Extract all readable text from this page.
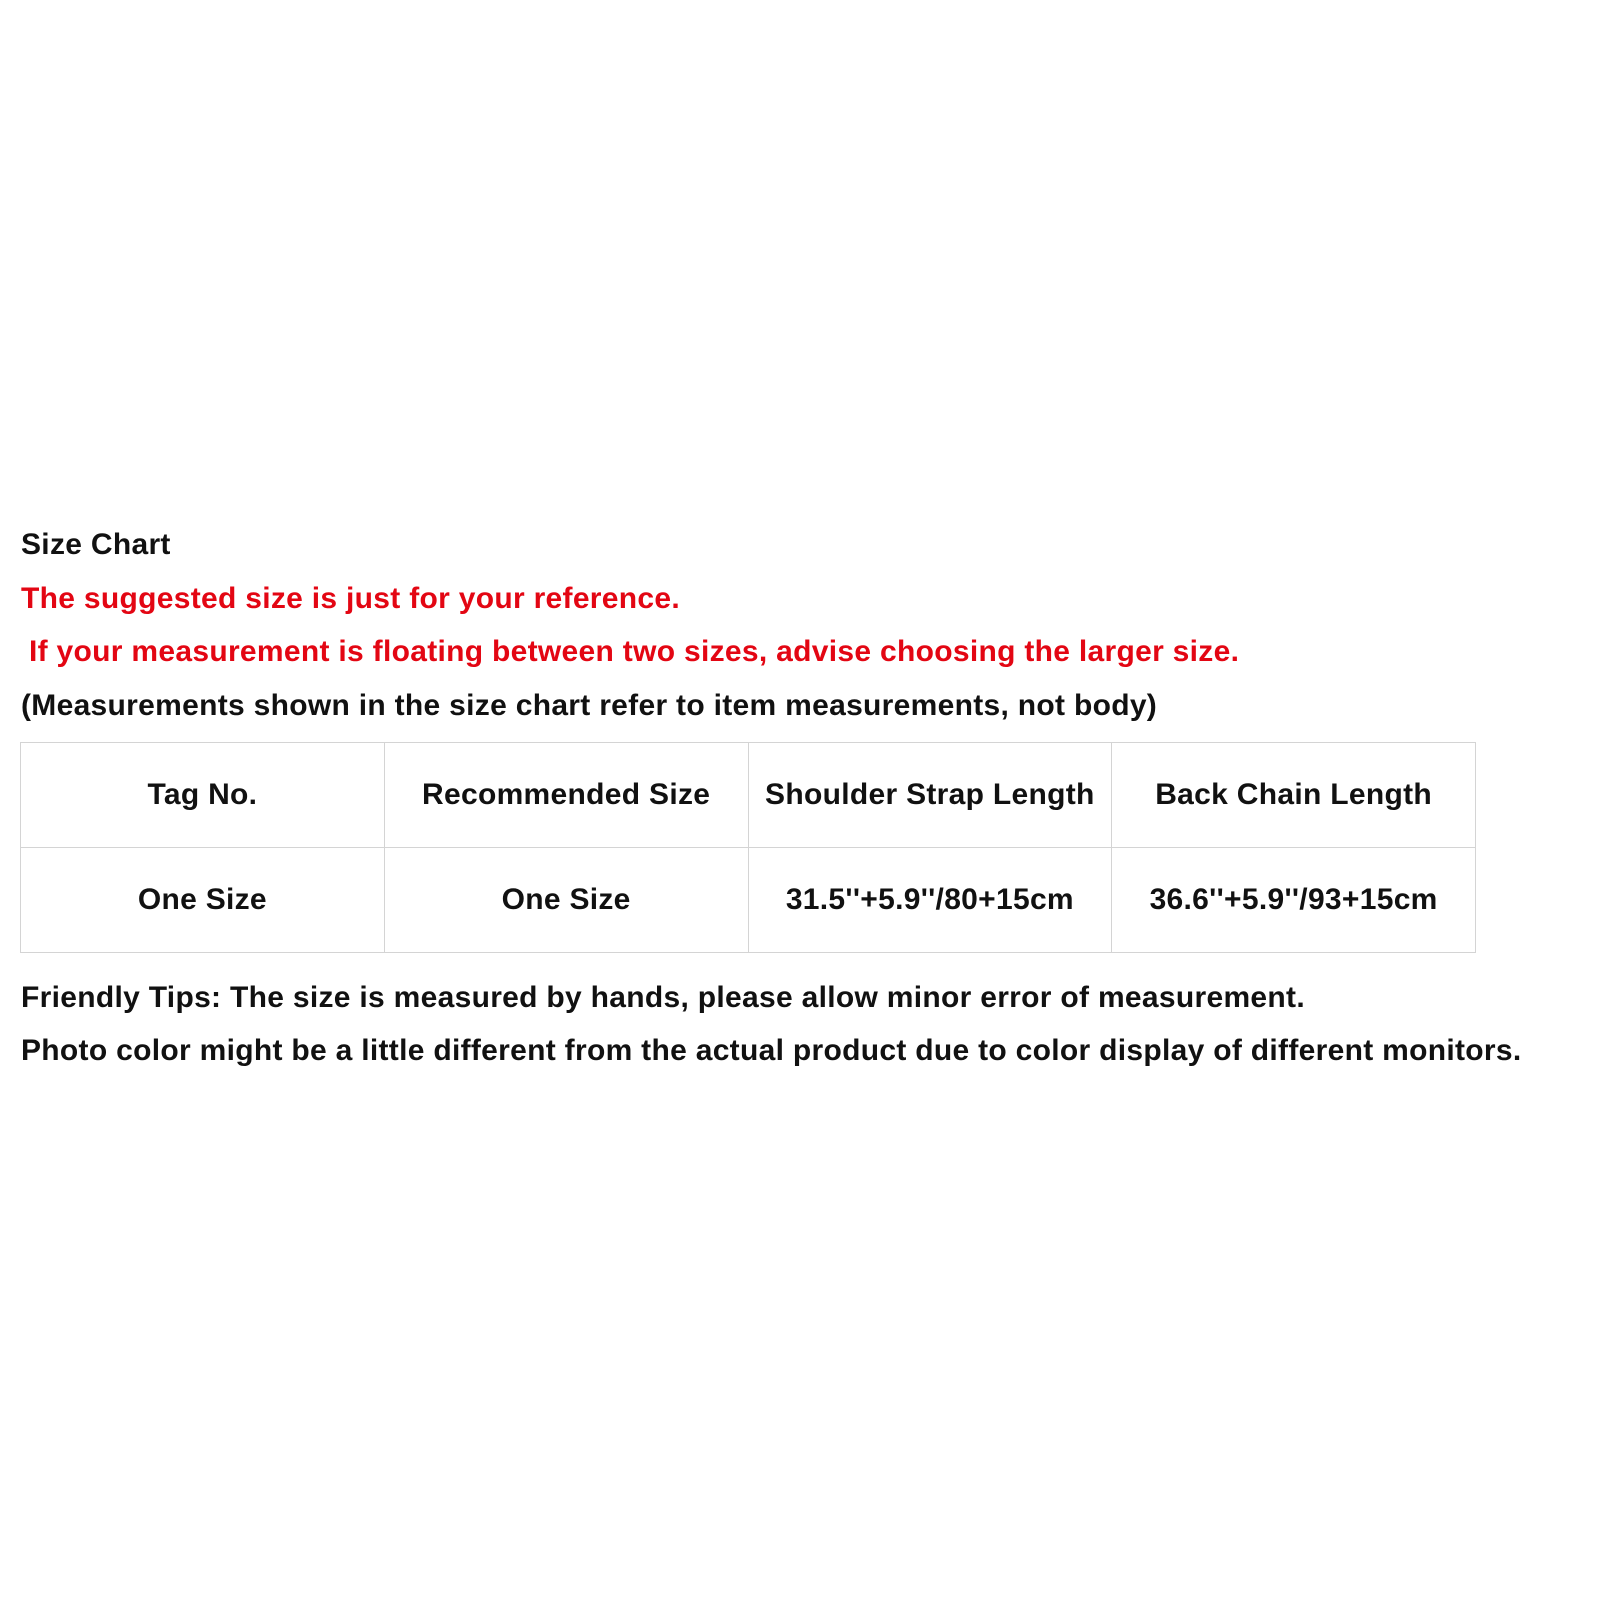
Size Chart
The suggested size is just for your reference.
If your measurement is floating between two sizes, advise choosing the larger size.
(Measurements shown in the size chart refer to item measurements, not body)
Tag No.	Recommended Size	Shoulder Strap Length	Back Chain Length
One Size	One Size	31.5''+5.9''/80+15cm	36.6''+5.9''/93+15cm
Friendly Tips: The size is measured by hands, please allow minor error of measurement.
Photo color might be a little different from the actual product due to color display of different monitors.
